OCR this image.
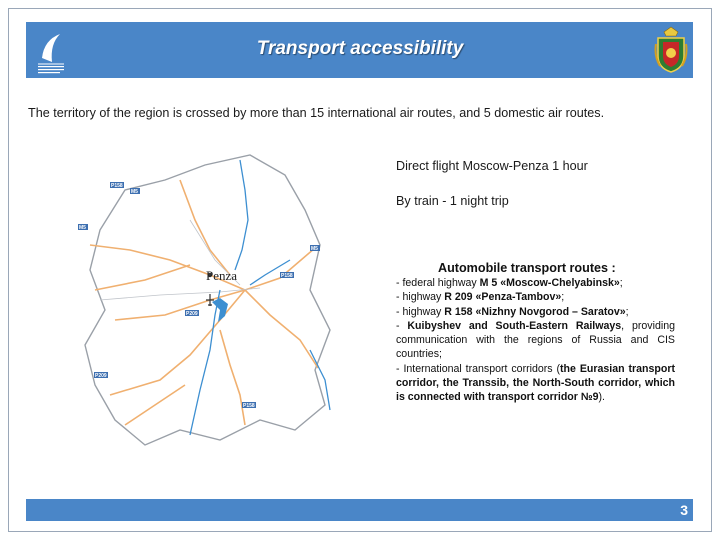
Transport accessibility
The territory of the region is crossed by more than 15 international air routes, and 5 domestic air routes.
P158
M5
M5
M5
P209
P158
P209
P158
Penza
Direct flight Moscow-Penza 1 hour
By train - 1 night trip
Automobile transport routes :
- federal highway M 5 «Moscow-Chelyabinsk»;
- highway R 209 «Penza-Tambov»;
- highway R 158 «Nizhny Novgorod – Saratov»;
- Kuibyshev and South-Eastern Railways, providing communication with the regions of Russia and CIS countries;
- International transport corridors (the Eurasian transport corridor, the Transsib, the North-South corridor, which is connected with transport corridor №9).
3
